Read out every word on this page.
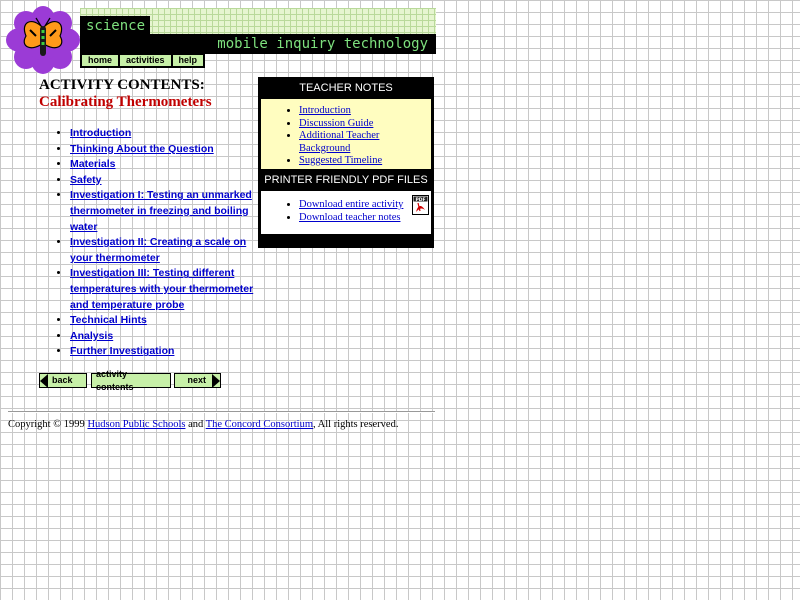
mobile inquiry technology
science
home	activities	help
ACTIVITY CONTENTS:
Calibrating Thermometers
• Introduction
• Thinking About the Question
• Materials
• Safety
• Investigation I: Testing an unmarked thermometer in freezing and boiling water
• Investigation II: Creating a scale on your thermometer
• Investigation III: Testing different temperatures with your thermometer and temperature probe
• Technical Hints
• Analysis
• Further Investigation
back
activity contents
next
TEACHER NOTES
• Introduction
• Discussion Guide
• Additional Teacher Background
• Suggested Timeline
PRINTER FRIENDLY PDF FILES
• Download entire activity
• Download teacher notes
PDF
Copyright © 1999 Hudson Public Schools and The Concord Consortium, All rights reserved.
